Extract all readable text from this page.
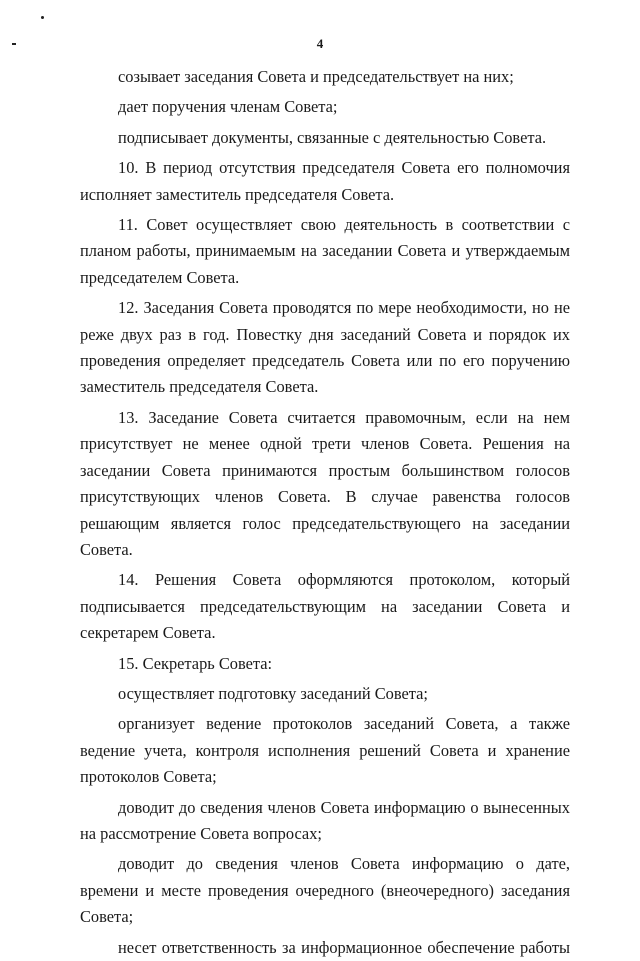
4

созывает заседания Совета и председательствует на них;

дает поручения членам Совета;

подписывает документы, связанные с деятельностью Совета.

10. В период отсутствия председателя Совета его полномочия исполняет заместитель председателя Совета.

11. Совет осуществляет свою деятельность в соответствии с планом работы, принимаемым на заседании Совета и утверждаемым председателем Совета.

12. Заседания Совета проводятся по мере необходимости, но не реже двух раз в год. Повестку дня заседаний Совета и порядок их проведения определяет председатель Совета или по его поручению заместитель председателя Совета.

13. Заседание Совета считается правомочным, если на нем присутствует не менее одной трети членов Совета. Решения на заседании Совета принимаются простым большинством голосов присутствующих членов Совета. В случае равенства голосов решающим является голос председательствующего на заседании Совета.

14. Решения Совета оформляются протоколом, который подписывается председательствующим на заседании Совета и секретарем Совета.

15. Секретарь Совета:

осуществляет подготовку заседаний Совета;

организует ведение протоколов заседаний Совета, а также ведение учета, контроля исполнения решений Совета и хранение протоколов Совета;

доводит до сведения членов Совета информацию о вынесенных на рассмотрение Совета вопросах;

доводит до сведения членов Совета информацию о дате, времени и месте проведения очередного (внеочередного) заседания Совета;

несет ответственность за информационное обеспечение работы
